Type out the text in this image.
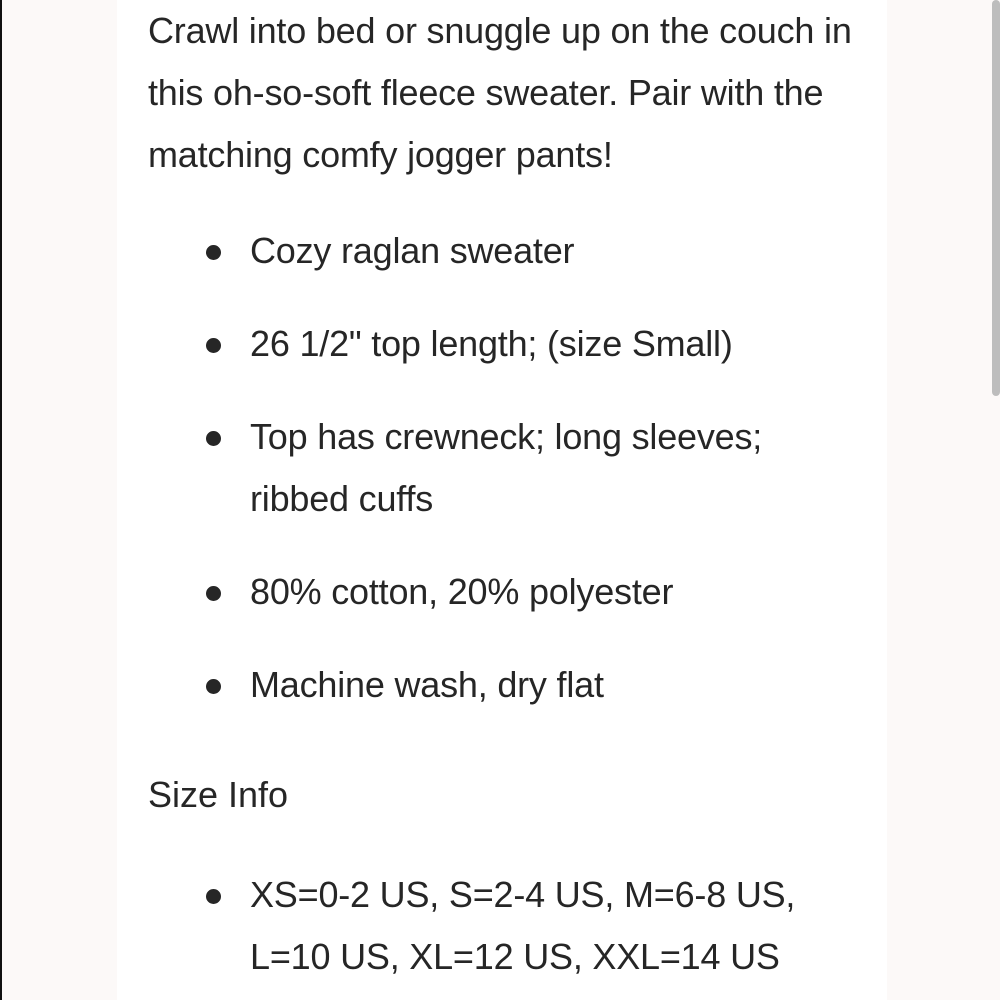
Crawl into bed or snuggle up on the couch in this oh-so-soft fleece sweater. Pair with the matching comfy jogger pants!

Cozy raglan sweater
26 1/2" top length; (size Small)
Top has crewneck; long sleeves; ribbed cuffs
80% cotton, 20% polyester
Machine wash, dry flat
Size Info
XS=0-2 US, S=2-4 US, M=6-8 US, L=10 US, XL=12 US, XXL=14 US
